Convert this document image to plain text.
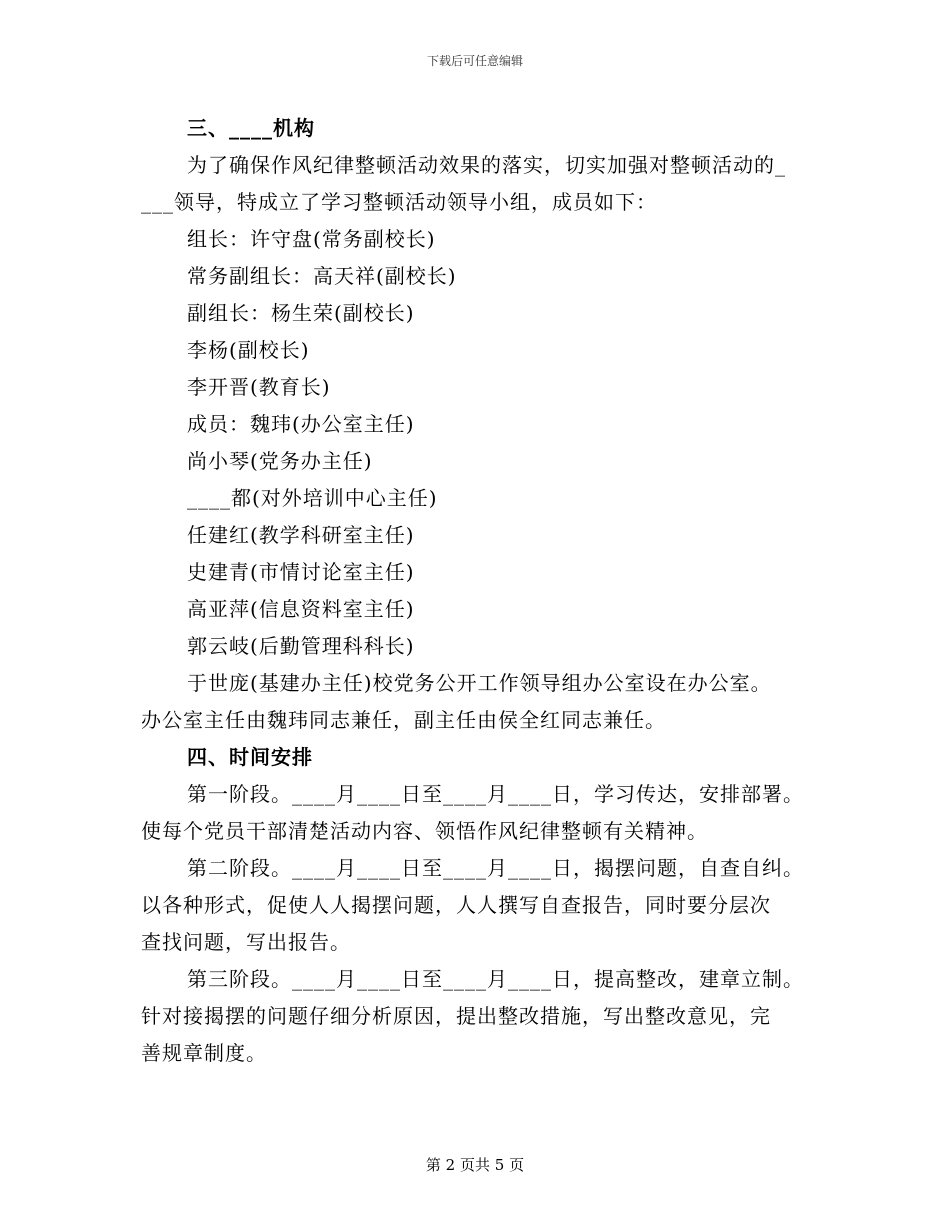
下载后可任意编辑
三、____机构
为了确保作风纪律整顿活动效果的落实，切实加强对整顿活动的_
___领导，特成立了学习整顿活动领导小组，成员如下：
组长：许守盘(常务副校长)
常务副组长：高天祥(副校长)
副组长：杨生荣(副校长)
李杨(副校长)
李开晋(教育长)
成员：魏玮(办公室主任)
尚小琴(党务办主任)
____都(对外培训中心主任)
任建红(教学科研室主任)
史建青(市情讨论室主任)
高亚萍(信息资料室主任)
郭云岐(后勤管理科科长)
于世庞(基建办主任)校党务公开工作领导组办公室设在办公室。
办公室主任由魏玮同志兼任，副主任由侯全红同志兼任。
四、时间安排
第一阶段。____月____日至____月____日，学习传达，安排部署。
使每个党员干部清楚活动内容、领悟作风纪律整顿有关精神。
第二阶段。____月____日至____月____日，揭摆问题，自查自纠。
以各种形式，促使人人揭摆问题，人人撰写自查报告，同时要分层次
查找问题，写出报告。
第三阶段。____月____日至____月____日，提高整改，建章立制。
针对接揭摆的问题仔细分析原因，提出整改措施，写出整改意见，完
善规章制度。
第 2 页共 5 页
